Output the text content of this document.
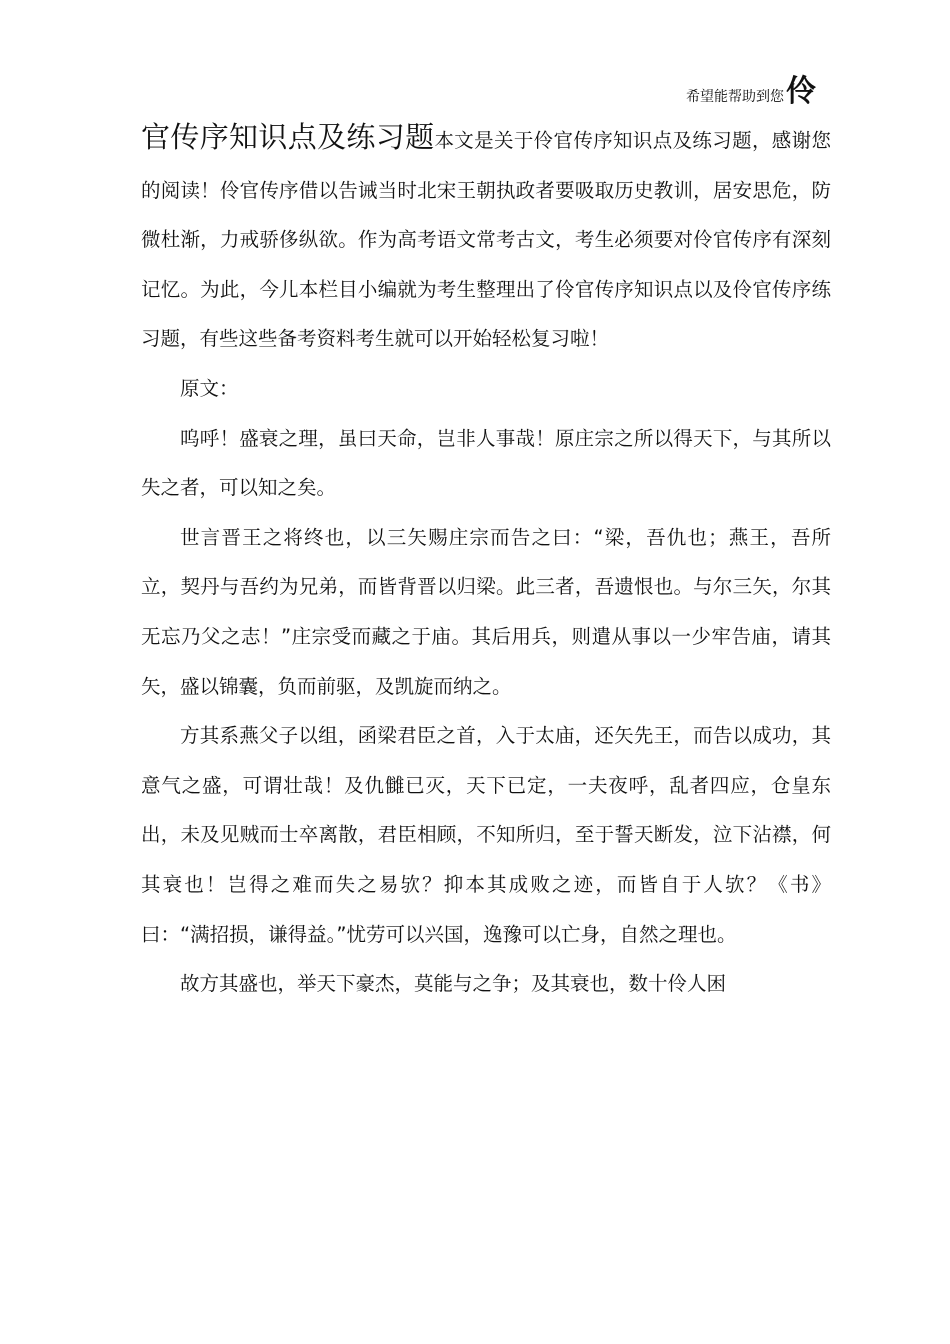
希望能帮助到您伶

官传序知识点及练习题本文是关于伶官传序知识点及练习题，感谢您的阅读！伶官传序借以告诫当时北宋王朝执政者要吸取历史教训，居安思危，防微杜渐，力戒骄侈纵欲。作为高考语文常考古文，考生必须要对伶官传序有深刻记忆。为此，今儿本栏目小编就为考生整理出了伶官传序知识点以及伶官传序练习题，有些这些备考资料考生就可以开始轻松复习啦！

原文：

呜呼！盛衰之理，虽曰天命，岂非人事哉！原庄宗之所以得天下，与其所以失之者，可以知之矣。

世言晋王之将终也，以三矢赐庄宗而告之曰：“梁，吾仇也；燕王，吾所立，契丹与吾约为兄弟，而皆背晋以归梁。此三者，吾遗恨也。与尔三矢，尔其无忘乃父之志！”庄宗受而藏之于庙。其后用兵，则遣从事以一少牢告庙，请其矢，盛以锦囊，负而前驱，及凯旋而纳之。

方其系燕父子以组，函梁君臣之首，入于太庙，还矢先王，而告以成功，其意气之盛，可谓壮哉！及仇雠已灭，天下已定，一夫夜呼，乱者四应，仓皇东出，未及见贼而士卒离散，君臣相顾，不知所归，至于誓天断发，泣下沾襟，何其衰也！岂得之难而失之易欤？抑本其成败之迹，而皆自于人欤？《书》曰：“满招损，谦得益。”忧劳可以兴国，逸豫可以亡身，自然之理也。

故方其盛也，举天下豪杰，莫能与之争；及其衰也，数十伶人困
